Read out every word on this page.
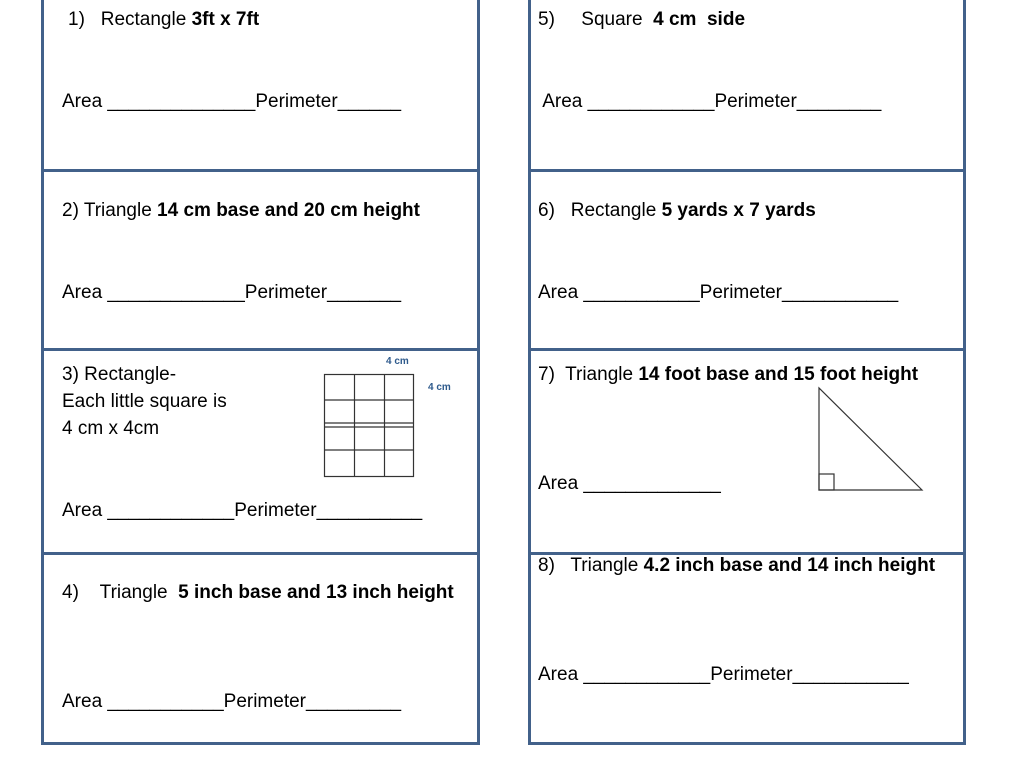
1)   Rectangle 3ft x 7ft
Area ______________Perimeter______
2) Triangle 14 cm base and 20 cm height
Area _____________Perimeter_______
3) Rectangle-
Each little square is
4 cm x 4cm
4 cm
4 cm
Area ____________Perimeter__________
4)    Triangle  5 inch base and 13 inch height
Area ___________Perimeter_________
5)     Square  4 cm  side
Area ____________Perimeter________
6)   Rectangle 5 yards x 7 yards
Area ___________Perimeter___________
7)  Triangle 14 foot base and 15 foot height
Area _____________
8)   Triangle 4.2 inch base and 14 inch height
Area ____________Perimeter___________
